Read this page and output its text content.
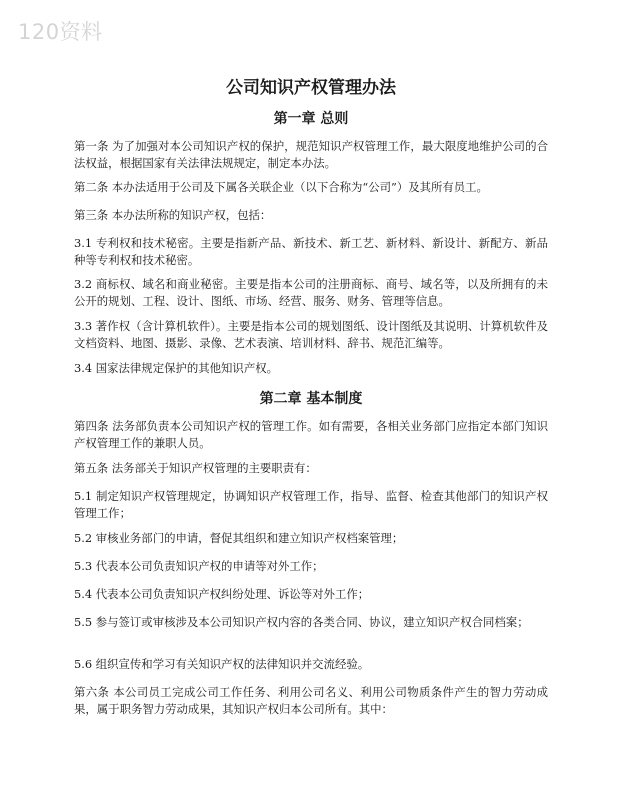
120资料
公司知识产权管理办法
第一章 总则

第一条 为了加强对本公司知识产权的保护，规范知识产权管理工作，最大限度地维护公司的合法权益，根据国家有关法律法规规定，制定本办法。

第二条 本办法适用于公司及下属各关联企业（以下合称为“公司”）及其所有员工。

第三条 本办法所称的知识产权，包括：

3.1 专利权和技术秘密。主要是指新产品、新技术、新工艺、新材料、新设计、新配方、新品种等专利权和技术秘密。

3.2 商标权、域名和商业秘密。主要是指本公司的注册商标、商号、域名等，以及所拥有的未公开的规划、工程、设计、图纸、市场、经营、服务、财务、管理等信息。

3.3 著作权（含计算机软件）。主要是指本公司的规划图纸、设计图纸及其说明、计算机软件及文档资料、地图、摄影、录像、艺术表演、培训材料、辞书、规范汇编等。

3.4 国家法律规定保护的其他知识产权。

第二章 基本制度

第四条 法务部负责本公司知识产权的管理工作。如有需要，各相关业务部门应指定本部门知识产权管理工作的兼职人员。

第五条 法务部关于知识产权管理的主要职责有：

5.1 制定知识产权管理规定，协调知识产权管理工作，指导、监督、检查其他部门的知识产权管理工作；

5.2 审核业务部门的申请，督促其组织和建立知识产权档案管理；

5.3 代表本公司负责知识产权的申请等对外工作；

5.4 代表本公司负责知识产权纠纷处理、诉讼等对外工作；

5.5 参与签订或审核涉及本公司知识产权内容的各类合同、协议，建立知识产权合同档案；

5.6 组织宣传和学习有关知识产权的法律知识并交流经验。

第六条 本公司员工完成公司工作任务、利用公司名义、利用公司物质条件产生的智力劳动成果，属于职务智力劳动成果，其知识产权归本公司所有。其中：
